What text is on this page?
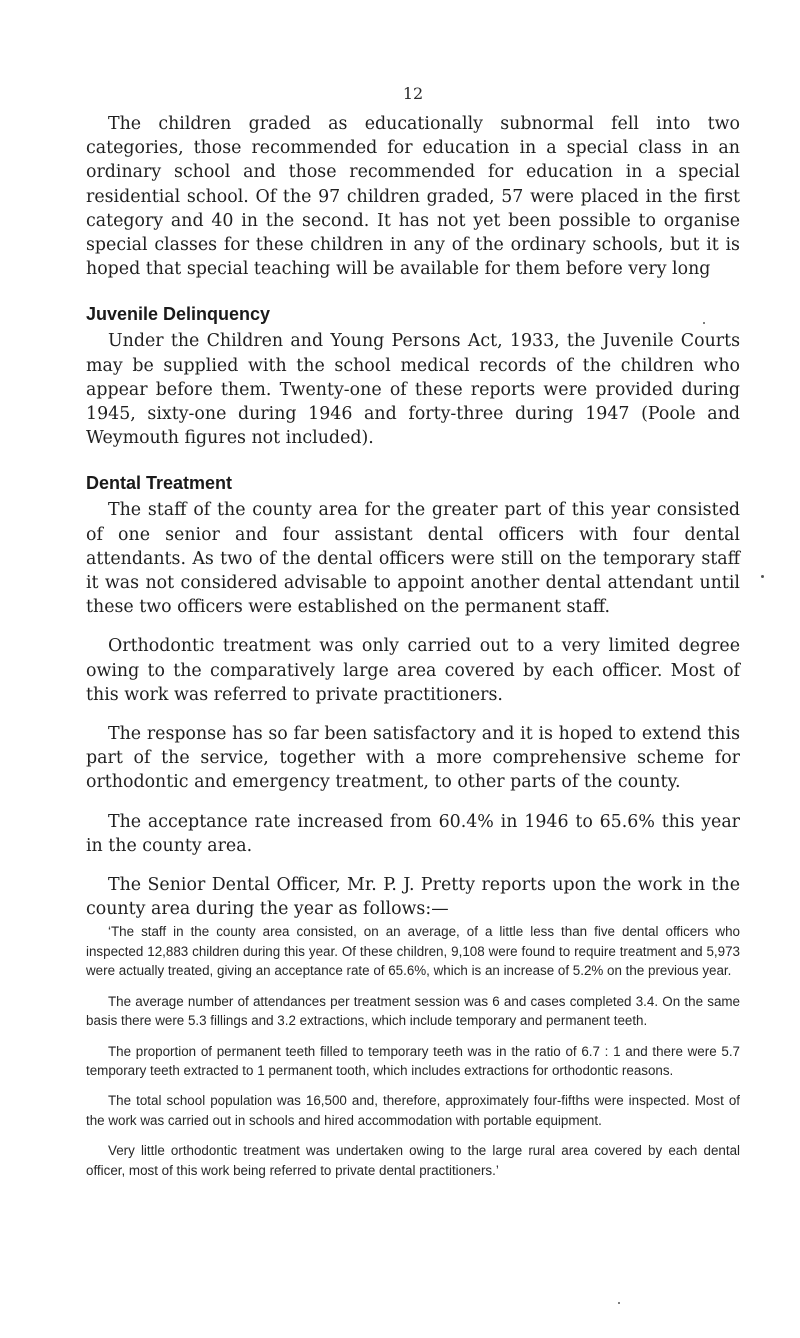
12

The children graded as educationally subnormal fell into two categories, those recommended for education in a special class in an ordinary school and those recommended for education in a special residential school. Of the 97 children graded, 57 were placed in the first category and 40 in the second. It has not yet been possible to organise special classes for these children in any of the ordinary schools, but it is hoped that special teaching will be available for them before very long

Juvenile Delinquency

Under the Children and Young Persons Act, 1933, the Juvenile Courts may be supplied with the school medical records of the children who appear before them. Twenty-one of these reports were provided during 1945, sixty-one during 1946 and forty-three during 1947 (Poole and Weymouth figures not included).

Dental Treatment

The staff of the county area for the greater part of this year consisted of one senior and four assistant dental officers with four dental attendants. As two of the dental officers were still on the temporary staff it was not considered advisable to appoint another dental attendant until these two officers were established on the permanent staff.

Orthodontic treatment was only carried out to a very limited degree owing to the comparatively large area covered by each officer. Most of this work was referred to private practitioners.

The response has so far been satisfactory and it is hoped to extend this part of the service, together with a more comprehensive scheme for orthodontic and emergency treatment, to other parts of the county.

The acceptance rate increased from 60.4% in 1946 to 65.6% this year in the county area.

The Senior Dental Officer, Mr. P. J. Pretty reports upon the work in the county area during the year as follows:—

‘The staff in the county area consisted, on an average, of a little less than five dental officers who inspected 12,883 children during this year. Of these children, 9,108 were found to require treatment and 5,973 were actually treated, giving an acceptance rate of 65.6%, which is an increase of 5.2% on the previous year.

The average number of attendances per treatment session was 6 and cases completed 3.4. On the same basis there were 5.3 fillings and 3.2 extractions, which include temporary and permanent teeth.

The proportion of permanent teeth filled to temporary teeth was in the ratio of 6.7 : 1 and there were 5.7 temporary teeth extracted to 1 permanent tooth, which includes extractions for orthodontic reasons.

The total school population was 16,500 and, therefore, approximately four-fifths were inspected. Most of the work was carried out in schools and hired accommodation with portable equipment.

Very little orthodontic treatment was undertaken owing to the large rural area covered by each dental officer, most of this work being referred to private dental practitioners.’
